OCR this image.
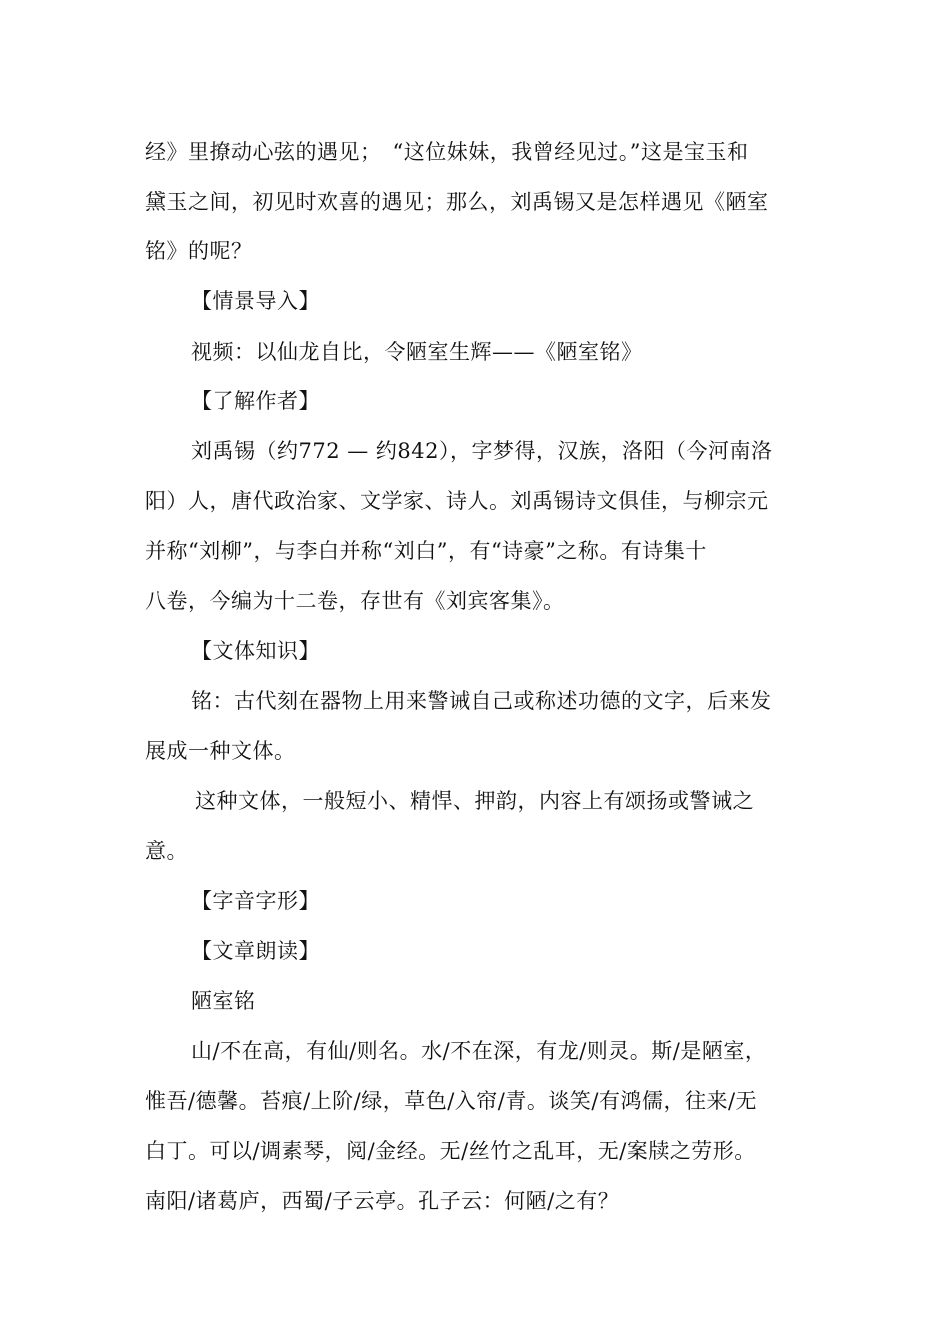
经》里撩动心弦的遇见；　“这位妹妹，我曾经见过。”这是宝玉和
黛玉之间，初见时欢喜的遇见；那么，刘禹锡又是怎样遇见《陋室
铭》的呢？
【情景导入】
视频：以仙龙自比，令陋室生辉——《陋室铭》
【了解作者】
刘禹锡（约772 — 约842），字梦得，汉族，洛阳（今河南洛
阳）人，唐代政治家、文学家、诗人。刘禹锡诗文俱佳，与柳宗元
并称“刘柳”，与李白并称“刘白”，有“诗豪”之称。有诗集十
八卷，今编为十二卷，存世有《刘宾客集》。
【文体知识】
铭：古代刻在器物上用来警诫自己或称述功德的文字，后来发
展成一种文体。
这种文体，一般短小、精悍、押韵，内容上有颂扬或警诫之
意。
【字音字形】
【文章朗读】
陋室铭
山/不在高，有仙/则名。水/不在深，有龙/则灵。斯/是陋室，
惟吾/德馨。苔痕/上阶/绿，草色/入帘/青。谈笑/有鸿儒，往来/无
白丁。可以/调素琴，阅/金经。无/丝竹之乱耳，无/案牍之劳形。
南阳/诸葛庐，西蜀/子云亭。孔子云：何陋/之有？
